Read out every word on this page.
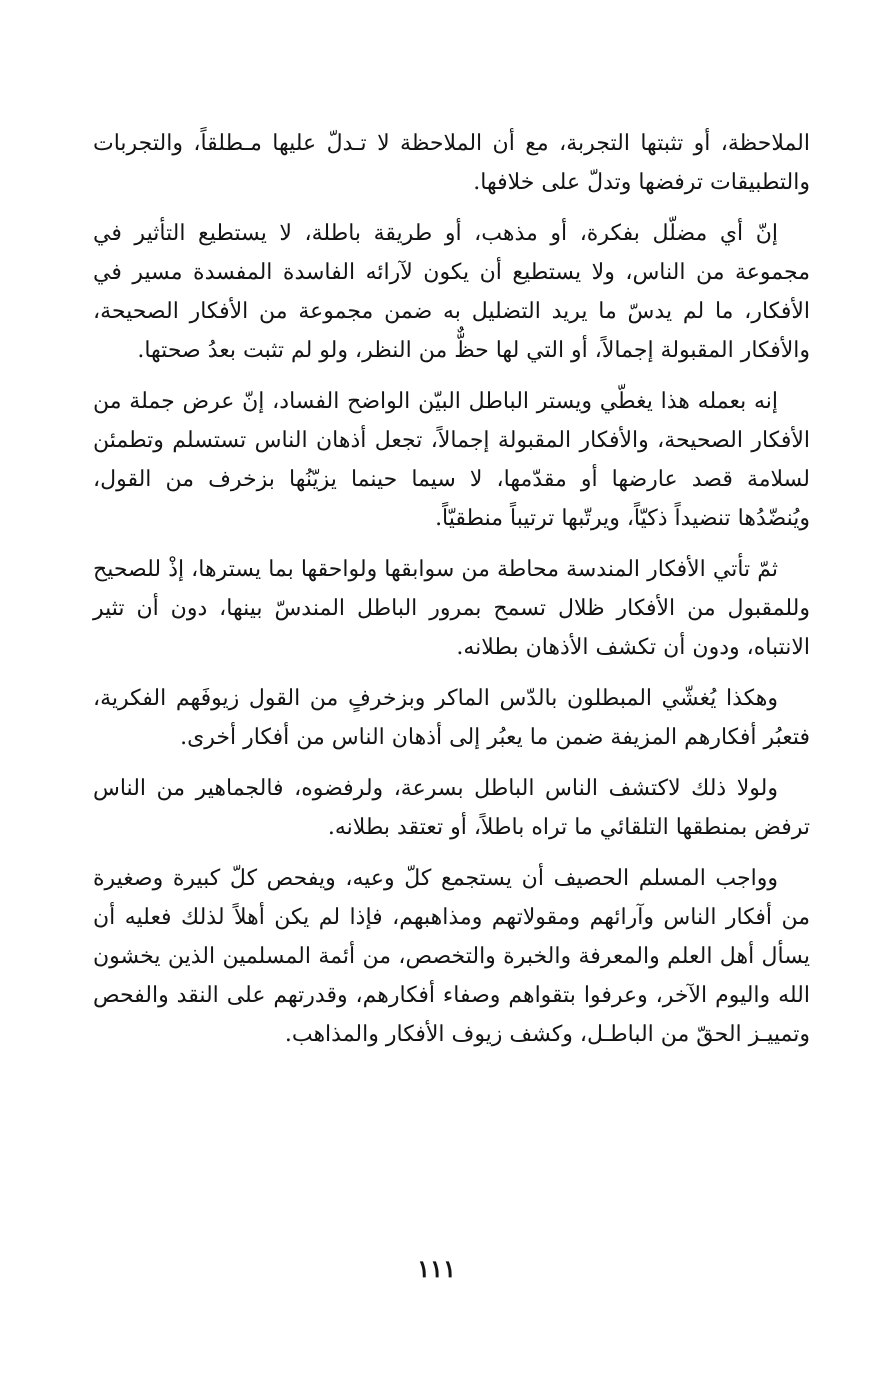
الملاحظة، أو تثبتها التجربة، مع أن الملاحظة لا تـدلّ عليها مـطلقاً، والتجربات والتطبيقات ترفضها وتدلّ على خلافها.

إنّ أي مضلّل بفكرة، أو مذهب، أو طريقة باطلة، لا يستطيع التأثير في مجموعة من الناس، ولا يستطيع أن يكون لآرائه الفاسدة المفسدة مسير في الأفكار، ما لم يدسّ ما يريد التضليل به ضمن مجموعة من الأفكار الصحيحة، والأفكار المقبولة إجمالاً، أو التي لها حظٌّ من النظر، ولو لم تثبت بعدُ صحتها.

إنه بعمله هذا يغطّي ويستر الباطل البيّن الواضح الفساد، إنّ عرض جملة من الأفكار الصحيحة، والأفكار المقبولة إجمالاً، تجعل أذهان الناس تستسلم وتطمئن لسلامة قصد عارضها أو مقدّمها، لا سيما حينما يزيّنُها بزخرف من القول، ويُنضّدُها تنضيداً ذكيّاً، ويرتّبها ترتيباً منطقيّاً.

ثمّ تأتي الأفكار المندسة محاطة من سوابقها ولواحقها بما يسترها، إذْ للصحيح وللمقبول من الأفكار ظلال تسمح بمرور الباطل المندسّ بينها، دون أن تثير الانتباه، ودون أن تكشف الأذهان بطلانه.

وهكذا يُغشّي المبطلون بالدّس الماكر وبزخرفٍ من القول زيوفَهم الفكرية، فتعبُر أفكارهم المزيفة ضمن ما يعبُر إلى أذهان الناس من أفكار أخرى.

ولولا ذلك لاكتشف الناس الباطل بسرعة، ولرفضوه، فالجماهير من الناس ترفض بمنطقها التلقائي ما تراه باطلاً، أو تعتقد بطلانه.

وواجب المسلم الحصيف أن يستجمع كلّ وعيه، ويفحص كلّ كبيرة وصغيرة من أفكار الناس وآرائهم ومقولاتهم ومذاهبهم، فإذا لم يكن أهلاً لذلك فعليه أن يسأل أهل العلم والمعرفة والخبرة والتخصص، من أئمة المسلمين الذين يخشون الله واليوم الآخر، وعرفوا بتقواهم وصفاء أفكارهم، وقدرتهم على النقد والفحص وتمييـز الحقّ من الباطـل، وكشف زيوف الأفكار والمذاهب.

١١١
